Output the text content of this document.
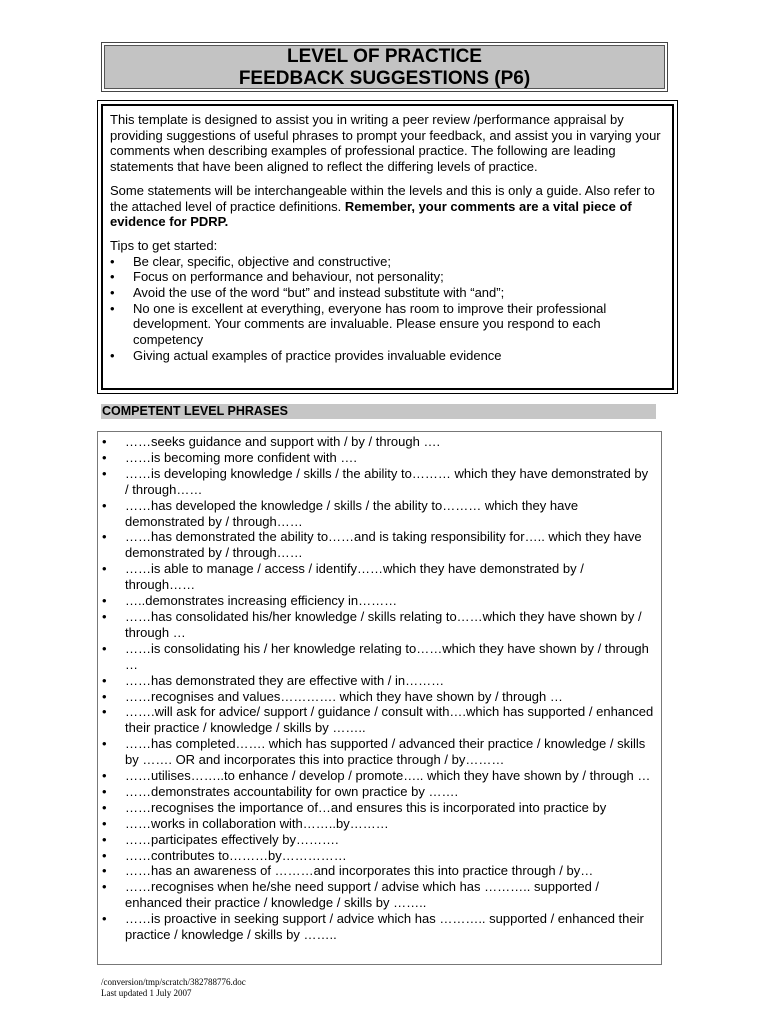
LEVEL OF PRACTICE
FEEDBACK SUGGESTIONS (P6)

This template is designed to assist you in writing a peer review /performance appraisal by providing suggestions of useful phrases to prompt your feedback, and assist you in varying your comments when describing examples of professional practice. The following are leading statements that have been aligned to reflect the differing levels of practice.

Some statements will be interchangeable within the levels and this is only a guide. Also refer to the attached level of practice definitions. Remember, your comments are a vital piece of evidence for PDRP.

Tips to get started:

• Be clear, specific, objective and constructive;
• Focus on performance and behaviour, not personality;
• Avoid the use of the word “but” and instead substitute with “and”;
• No one is excellent at everything, everyone has room to improve their professional development. Your comments are invaluable. Please ensure you respond to each competency
• Giving actual examples of practice provides invaluable evidence
COMPETENT LEVEL PHRASES
• ……seeks guidance and support with / by / through ….
• ……is becoming more confident with ….
• ……is developing knowledge / skills / the ability to……… which they have demonstrated by / through……
• ……has developed the knowledge / skills / the ability to……… which they have demonstrated by / through……
• ……has demonstrated the ability to……and is taking responsibility for….. which they have demonstrated by / through……
• ……is able to manage / access / identify……which they have demonstrated by / through……
• …..demonstrates increasing efficiency in………
• ……has consolidated his/her knowledge / skills relating to……which they have shown by / through …
• ……is consolidating his / her knowledge relating to……which they have shown by / through …
• ……has demonstrated they are effective with / in………
• ……recognises and values…………. which they have shown by / through …
• …….will ask for advice/ support / guidance / consult with….which has supported / enhanced their practice / knowledge / skills by ……..
• ……has completed……. which has supported / advanced their practice / knowledge / skills by ……. OR and incorporates this into practice through / by………
• ……utilises……..to enhance / develop / promote….. which they have shown by / through …
• ……demonstrates accountability for own practice by …….
• ……recognises the importance of…and ensures this is incorporated into practice by
• ……works in collaboration with……..by………
• ……participates effectively by……….
• ……contributes to………by……………
• ……has an awareness of ………and incorporates this into practice through / by…
• ……recognises when he/she need support / advise which has ……….. supported / enhanced their practice / knowledge / skills by ……..
• ……is proactive in seeking support / advice which has ……….. supported / enhanced their practice / knowledge / skills by ……..
/conversion/tmp/scratch/382788776.doc
Last updated 1 July 2007
